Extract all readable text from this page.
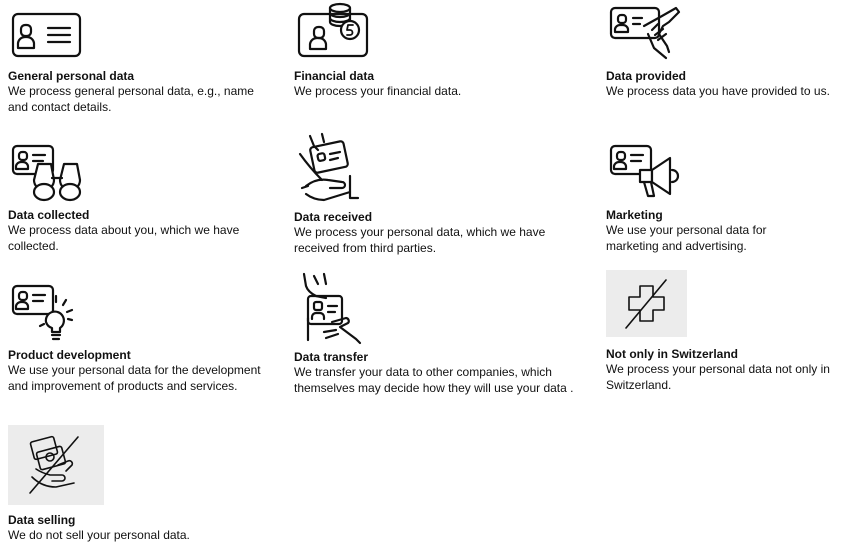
General personal data

We process general personal data, e.g., name and contact details.

Financial data

We process your financial data.

Data provided

We process data you have provided to us.

Data collected

We process data about you, which we have collected.

Data received

We process your personal data, which we have received from third parties.

Marketing

We use your personal data for marketing and advertising.

Product development

We use your personal data for the development and improvement of products and services.

Data transfer

We transfer your data to other companies, which themselves may decide how they will use your data .

Not only in Switzerland

We process your personal data not only in Switzerland.

Data selling

We do not sell your personal data.
